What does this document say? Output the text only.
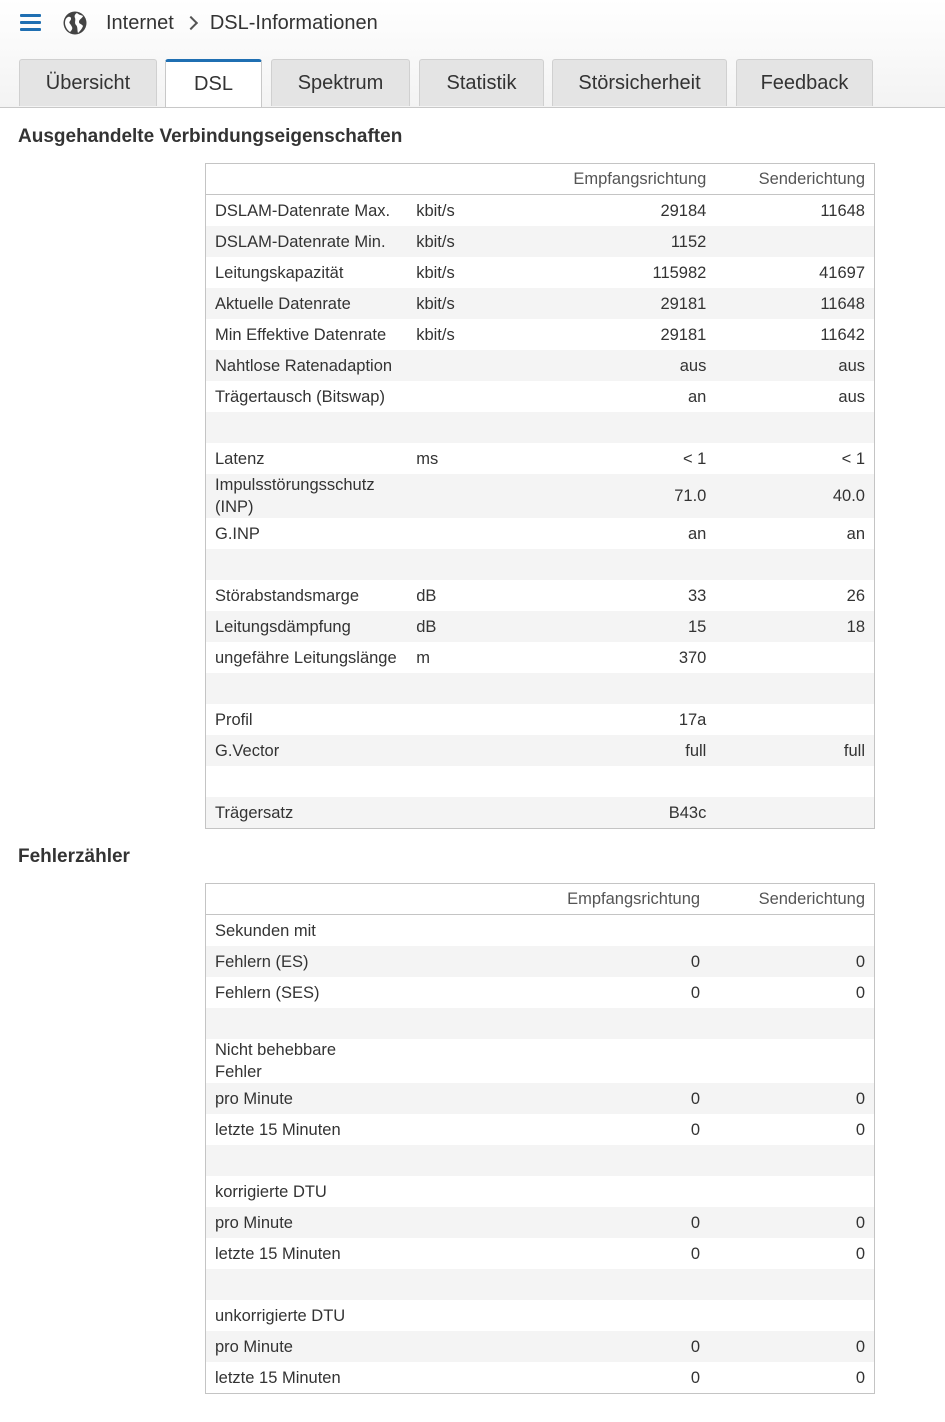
Internet DSL-Informationen
Übersicht	DSL	Spektrum	Statistik	Störsicherheit	Feedback
Ausgehandelte Verbindungseigenschaften
		Empfangsrichtung	Senderichtung
DSLAM-Datenrate Max.	kbit/s	29184	11648
DSLAM-Datenrate Min.	kbit/s	1152	
Leitungskapazität	kbit/s	115982	41697
Aktuelle Datenrate	kbit/s	29181	11648
Min Effektive Datenrate	kbit/s	29181	11642
Nahtlose Ratenadaption		aus	aus
Trägertausch (Bitswap)		an	aus

Latenz	ms	< 1	< 1
Impulsstörungsschutz (INP)		71.0	40.0
G.INP		an	an

Störabstandsmarge	dB	33	26
Leitungsdämpfung	dB	15	18
ungefähre Leitungslänge	m	370	

Profil		17a	
G.Vector		full	full

Trägersatz		B43c	
Fehlerzähler
		Empfangsrichtung	Senderichtung
Sekunden mit			
Fehlern (ES)		0	0
Fehlern (SES)		0	0

Nicht behebbare Fehler			
pro Minute		0	0
letzte 15 Minuten		0	0

korrigierte DTU			
pro Minute		0	0
letzte 15 Minuten		0	0

unkorrigierte DTU			
pro Minute		0	0
letzte 15 Minuten		0	0
